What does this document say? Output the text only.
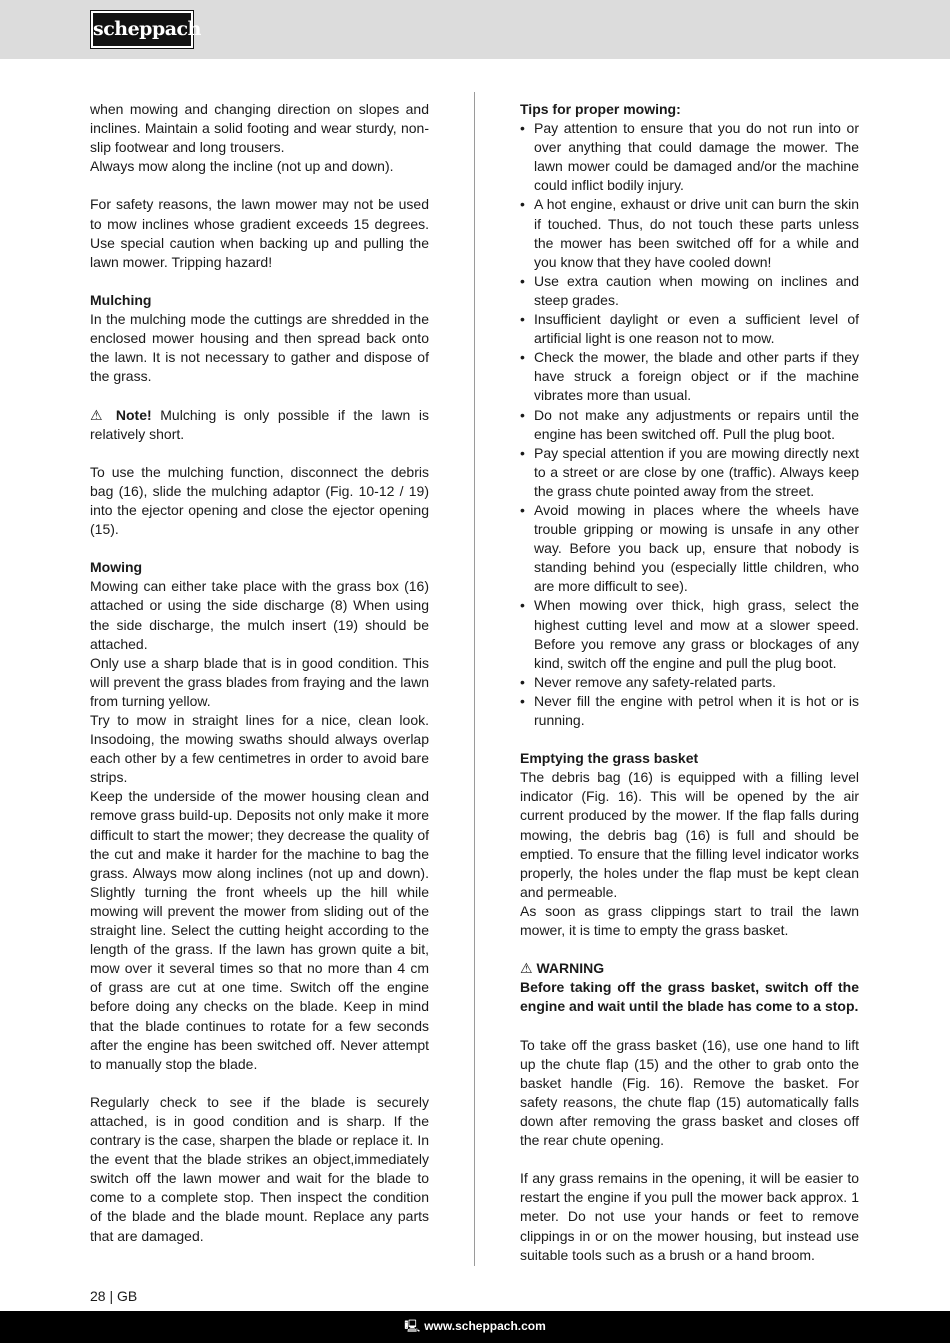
scheppach

when mowing and changing direction on slopes and inclines. Maintain a solid footing and wear sturdy, non-slip footwear and long trousers.

Always mow along the incline (not up and down).

For safety reasons, the lawn mower may not be used to mow inclines whose gradient exceeds 15 degrees. Use special caution when backing up and pulling the lawn mower. Tripping hazard!

Mulching

In the mulching mode the cuttings are shredded in the enclosed mower housing and then spread back onto the lawn. It is not necessary to gather and dispose of the grass.

⚠ Note! Mulching is only possible if the lawn is relatively short.

To use the mulching function, disconnect the debris bag (16), slide the mulching adaptor (Fig. 10-12 / 19) into the ejector opening and close the ejector opening (15).

Mowing

Mowing can either take place with the grass box (16) attached or using the side discharge (8) When using the side discharge, the mulch insert (19) should be attached.

Only use a sharp blade that is in good condition. This will prevent the grass blades from fraying and the lawn from turning yellow.

Try to mow in straight lines for a nice, clean look. Insodoing, the mowing swaths should always overlap each other by a few centimetres in order to avoid bare strips.

Keep the underside of the mower housing clean and remove grass build-up. Deposits not only make it more difficult to start the mower; they decrease the quality of the cut and make it harder for the machine to bag the grass. Always mow along inclines (not up and down). Slightly turning the front wheels up the hill while mowing will prevent the mower from sliding out of the straight line. Select the cutting height according to the length of the grass. If the lawn has grown quite a bit, mow over it several times so that no more than 4 cm of grass are cut at one time. Switch off the engine before doing any checks on the blade. Keep in mind that the blade continues to rotate for a few seconds after the engine has been switched off. Never attempt to manually stop the blade.

Regularly check to see if the blade is securely attached, is in good condition and is sharp. If the contrary is the case, sharpen the blade or replace it. In the event that the blade strikes an object,immediately switch off the lawn mower and wait for the blade to come to a complete stop. Then inspect the condition of the blade and the blade mount. Replace any parts that are damaged.

Tips for proper mowing:
• Pay attention to ensure that you do not run into or over anything that could damage the mower. The lawn mower could be damaged and/or the machine could inflict bodily injury.
• A hot engine, exhaust or drive unit can burn the skin if touched. Thus, do not touch these parts unless the mower has been switched off for a while and you know that they have cooled down!
• Use extra caution when mowing on inclines and steep grades.
• Insufficient daylight or even a sufficient level of artificial light is one reason not to mow.
• Check the mower, the blade and other parts if they have struck a foreign object or if the machine vibrates more than usual.
• Do not make any adjustments or repairs until the engine has been switched off. Pull the plug boot.
• Pay special attention if you are mowing directly next to a street or are close by one (traffic). Always keep the grass chute pointed away from the street.
• Avoid mowing in places where the wheels have trouble gripping or mowing is unsafe in any other way. Before you back up, ensure that nobody is standing behind you (especially little children, who are more difficult to see).
• When mowing over thick, high grass, select the highest cutting level and mow at a slower speed. Before you remove any grass or blockages of any kind, switch off the engine and pull the plug boot.
• Never remove any safety-related parts.
• Never fill the engine with petrol when it is hot or is running.
Emptying the grass basket

The debris bag (16) is equipped with a filling level indicator (Fig. 16). This will be opened by the air current produced by the mower. If the flap falls during mowing, the debris bag (16) is full and should be emptied. To ensure that the filling level indicator works properly, the holes under the flap must be kept clean and permeable.

As soon as grass clippings start to trail the lawn mower, it is time to empty the grass basket.

⚠ WARNING

Before taking off the grass basket, switch off the engine and wait until the blade has come to a stop.

To take off the grass basket (16), use one hand to lift up the chute flap (15) and the other to grab onto the basket handle (Fig. 16). Remove the basket. For safety reasons, the chute flap (15) automatically falls down after removing the grass basket and closes off the rear chute opening.

If any grass remains in the opening, it will be easier to restart the engine if you pull the mower back approx. 1 meter. Do not use your hands or feet to remove clippings in or on the mower housing, but instead use suitable tools such as a brush or a hand broom.

28 | GB
🖳 www.scheppach.com
